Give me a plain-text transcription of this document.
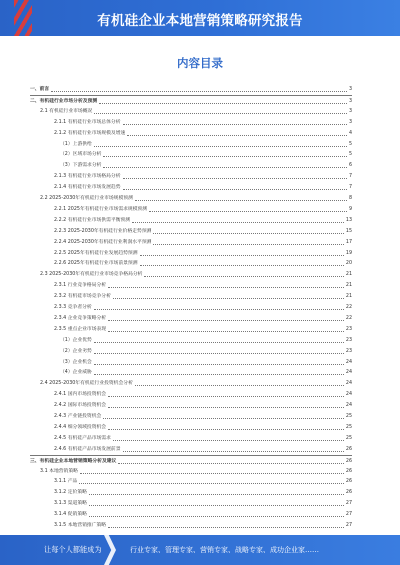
有机硅企业本地营销策略研究报告
内容目录
一、前言	3
二、有机硅行业市场分析及预测	3
2.1 有机硅行业市场概况	3
2.1.1 有机硅行业市场总体分析	3
2.1.2 有机硅行业市场规模及增速	4
（1）上游供给	5
（2）区域市场分析	5
（3）下游需求分析	6
2.1.3 有机硅行业市场格局分析	7
2.1.4 有机硅行业市场发展趋势	7
2.2 2025-2030年有机硅行业市场规模预测	8
2.2.1 2025年有机硅行业市场需求规模预测	9
2.2.2 有机硅行业市场供需平衡预测	13
2.2.3 2025-2030年有机硅行业价格走势预测	15
2.2.4 2025-2030年有机硅行业利润水平预测	17
2.2.5 2025年有机硅行业发展趋势预测	19
2.2.6 2025年有机硅行业市场前景预测	20
2.3 2025-2030年有机硅行业市场竞争格局分析	21
2.3.1 行业竞争格局分析	21
2.3.2 有机硅市场竞争分析	21
2.3.3 竞争者分析	22
2.3.4 企业竞争策略分析	22
2.3.5 重点企业市场表现	23
（1）企业优势	23
（2）企业劣势	23
（3）企业机会	24
（4）企业威胁	24
2.4 2025-2030年有机硅行业投资机会分析	24
2.4.1 国内市场投资机会	24
2.4.2 国际市场投资机会	24
2.4.3 产业链投资机会	25
2.4.4 细分领域投资机会	25
2.4.5 有机硅产品市场需求	25
2.4.6 有机硅产品市场发展前景	26
三、有机硅企业本地营销策略分析及建议	26
3.1 本地营销策略	26
3.1.1 产品	26
3.1.2 定价策略	26
3.1.3 渠道策略	27
3.1.4 促销策略	27
3.1.5 本地营销推广策略	27
让每个人都能成为	行业专家、管理专家、营销专家、战略专家、成功企业家……
